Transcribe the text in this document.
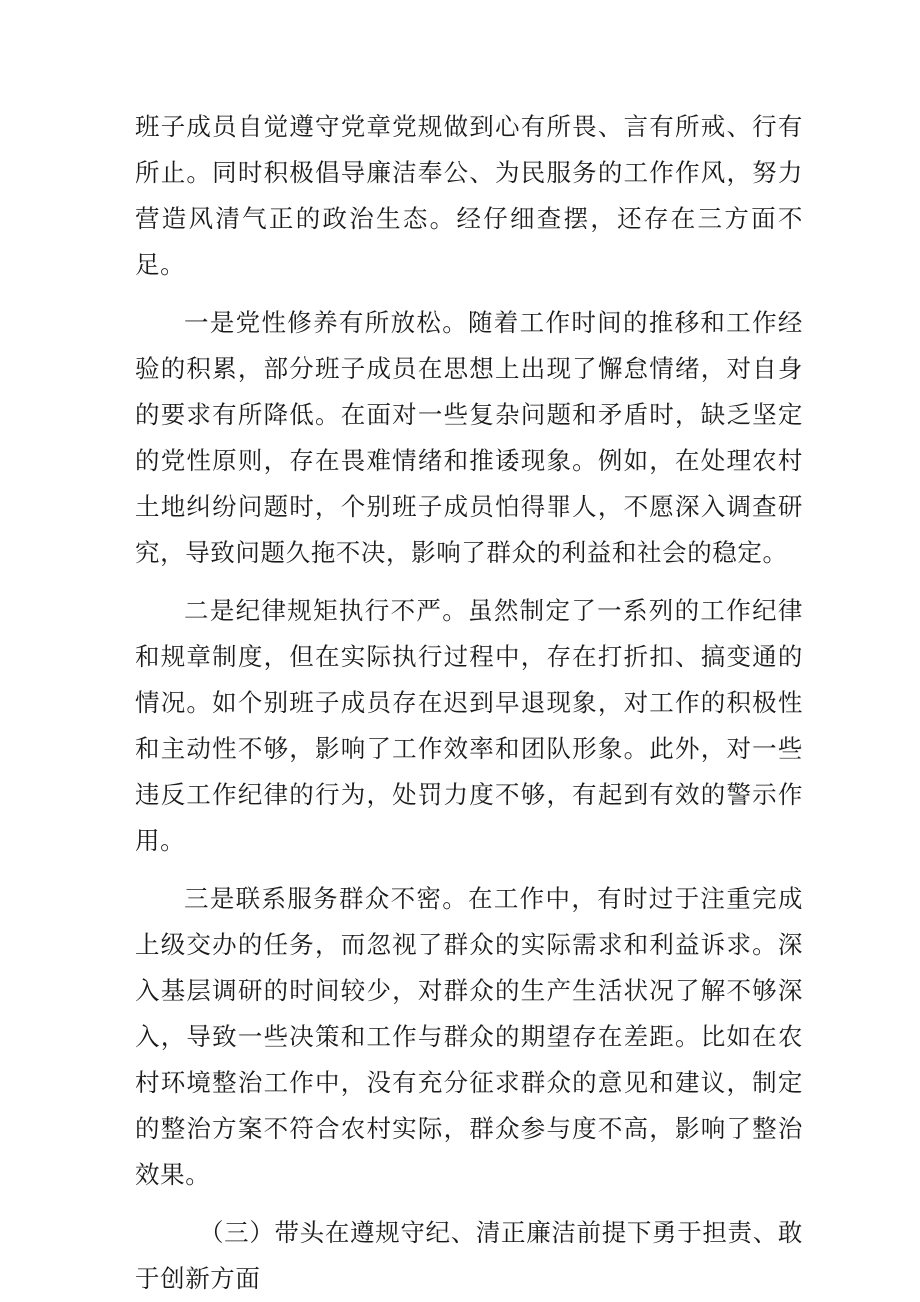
班子成员自觉遵守党章党规做到心有所畏、言有所戒、行有所止。同时积极倡导廉洁奉公、为民服务的工作作风，努力营造风清气正的政治生态。经仔细查摆，还存在三方面不足。

一是党性修养有所放松。随着工作时间的推移和工作经验的积累，部分班子成员在思想上出现了懈怠情绪，对自身的要求有所降低。在面对一些复杂问题和矛盾时，缺乏坚定的党性原则，存在畏难情绪和推诿现象。例如，在处理农村土地纠纷问题时，个别班子成员怕得罪人，不愿深入调查研究，导致问题久拖不决，影响了群众的利益和社会的稳定。

二是纪律规矩执行不严。虽然制定了一系列的工作纪律和规章制度，但在实际执行过程中，存在打折扣、搞变通的情况。如个别班子成员存在迟到早退现象，对工作的积极性和主动性不够，影响了工作效率和团队形象。此外，对一些违反工作纪律的行为，处罚力度不够，有起到有效的警示作用。

三是联系服务群众不密。在工作中，有时过于注重完成上级交办的任务，而忽视了群众的实际需求和利益诉求。深入基层调研的时间较少，对群众的生产生活状况了解不够深入，导致一些决策和工作与群众的期望存在差距。比如在农村环境整治工作中，没有充分征求群众的意见和建议，制定的整治方案不符合农村实际，群众参与度不高，影响了整治效果。

（三）带头在遵规守纪、清正廉洁前提下勇于担责、敢于创新方面
